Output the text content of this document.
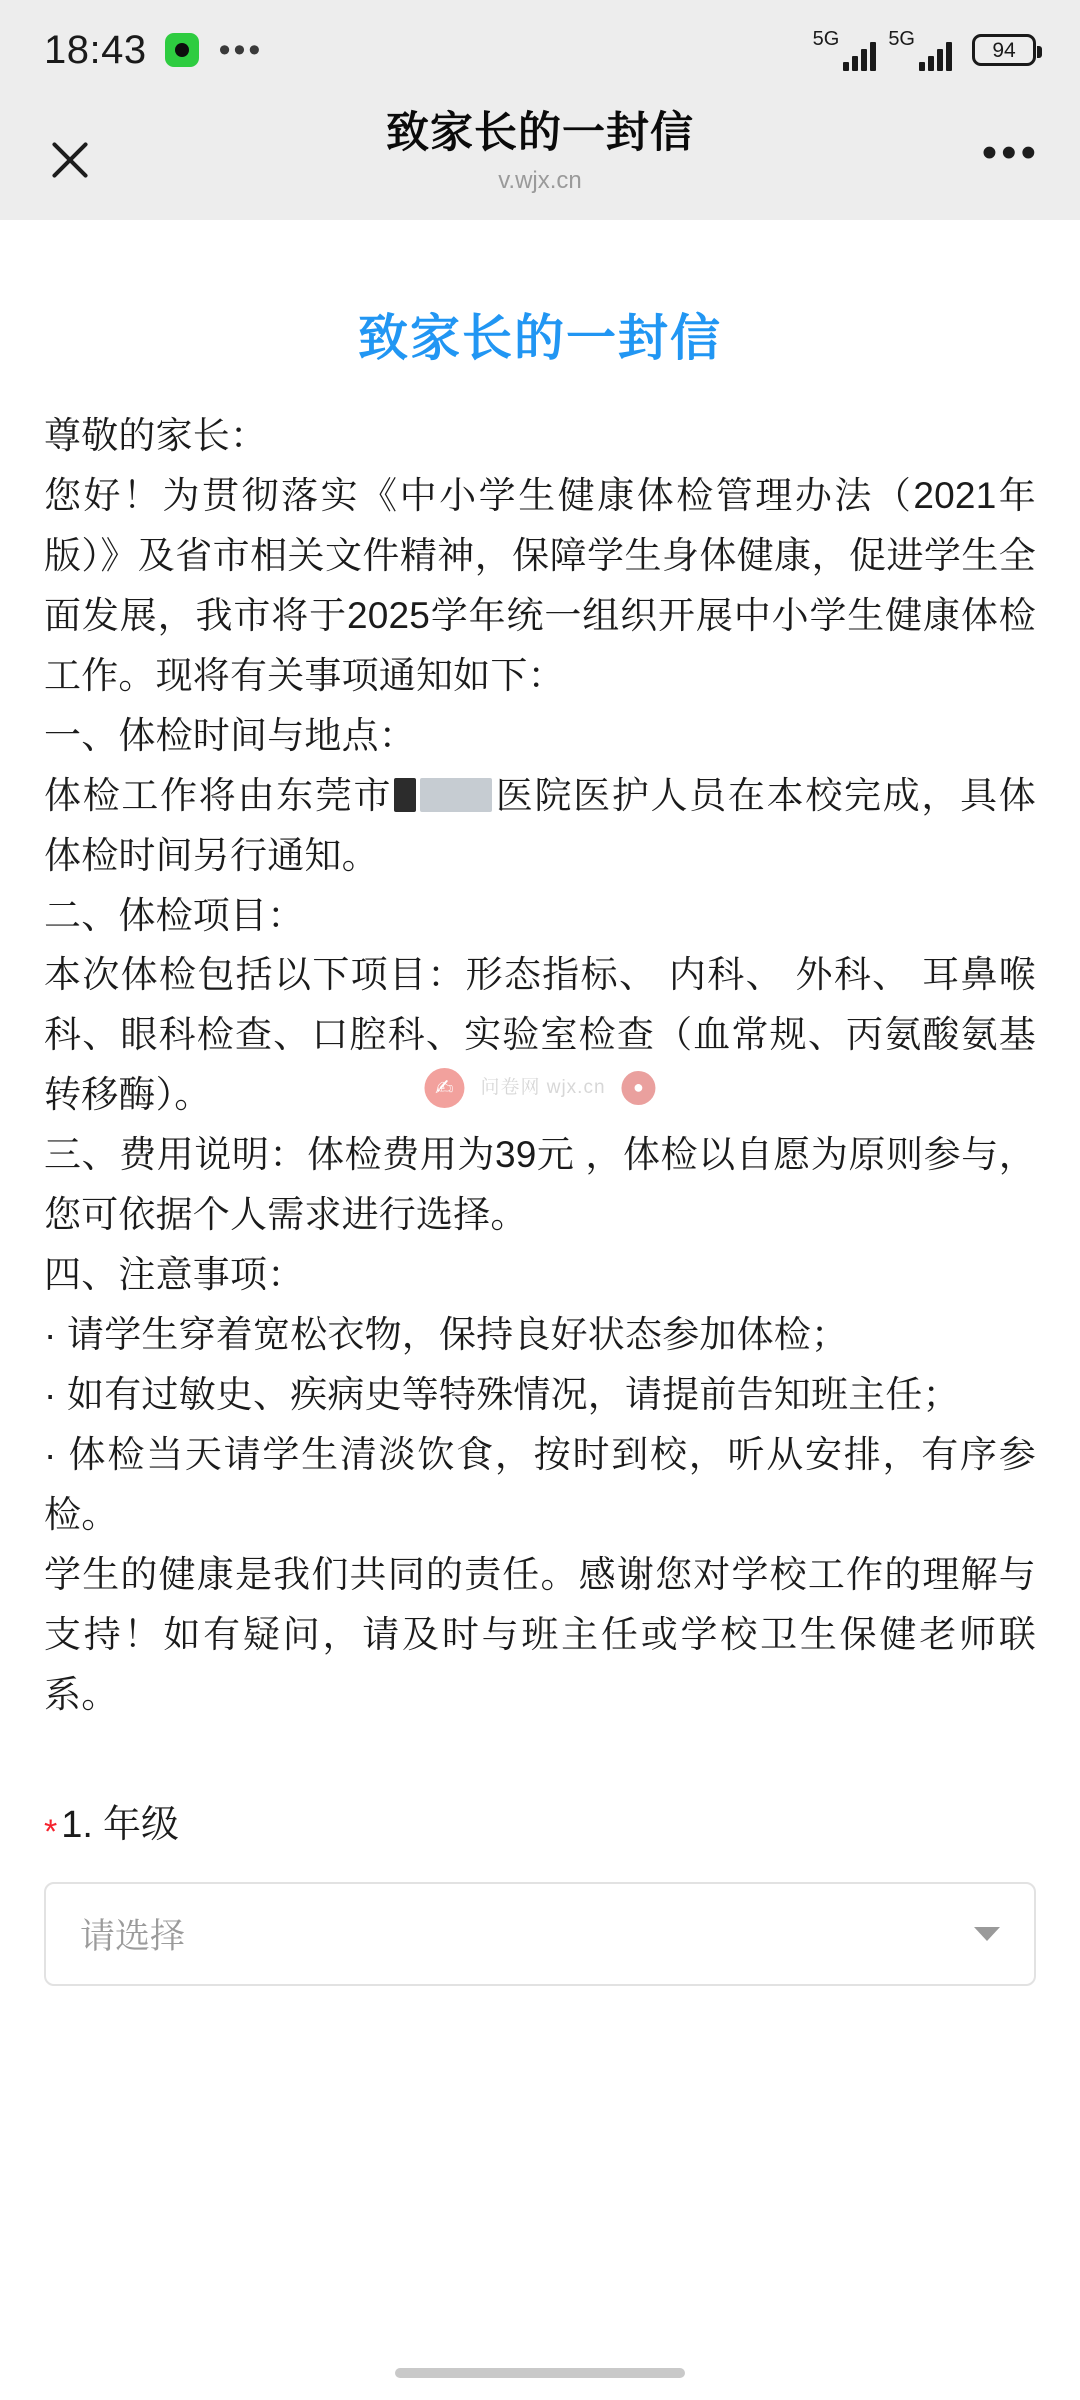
18:43 •••	5G 5G	94
致家长的一封信
v.wjx.cn
•••
致家长的一封信

尊敬的家长：

您好！为贯彻落实《中小学生健康体检管理办法（2021年版）》及省市相关文件精神，保障学生身体健康，促进学生全面发展，我市将于2025学年统一组织开展中小学生健康体检工作。现将有关事项通知如下：

一、体检时间与地点：

体检工作将由东莞市	医院医护人员在本校完成，具体体检时间另行通知。

二、体检项目：

本次体检包括以下项目：形态指标、 内科、 外科、 耳鼻喉科、眼科检查、口腔科、实验室检查（血常规、丙氨酸氨基转移酶）。

三、费用说明：体检费用为39元 ，体检以自愿为原则参与，您可依据个人需求进行选择。

四、注意事项：

· 请学生穿着宽松衣物，保持良好状态参加体检；

· 如有过敏史、疾病史等特殊情况，请提前告知班主任；

· 体检当天请学生清淡饮食，按时到校，听从安排，有序参检。

学生的健康是我们共同的责任。感谢您对学校工作的理解与支持！如有疑问，请及时与班主任或学校卫生保健老师联系。

✍	问卷网 wjx.cn	●
* 1. 年级
请选择
